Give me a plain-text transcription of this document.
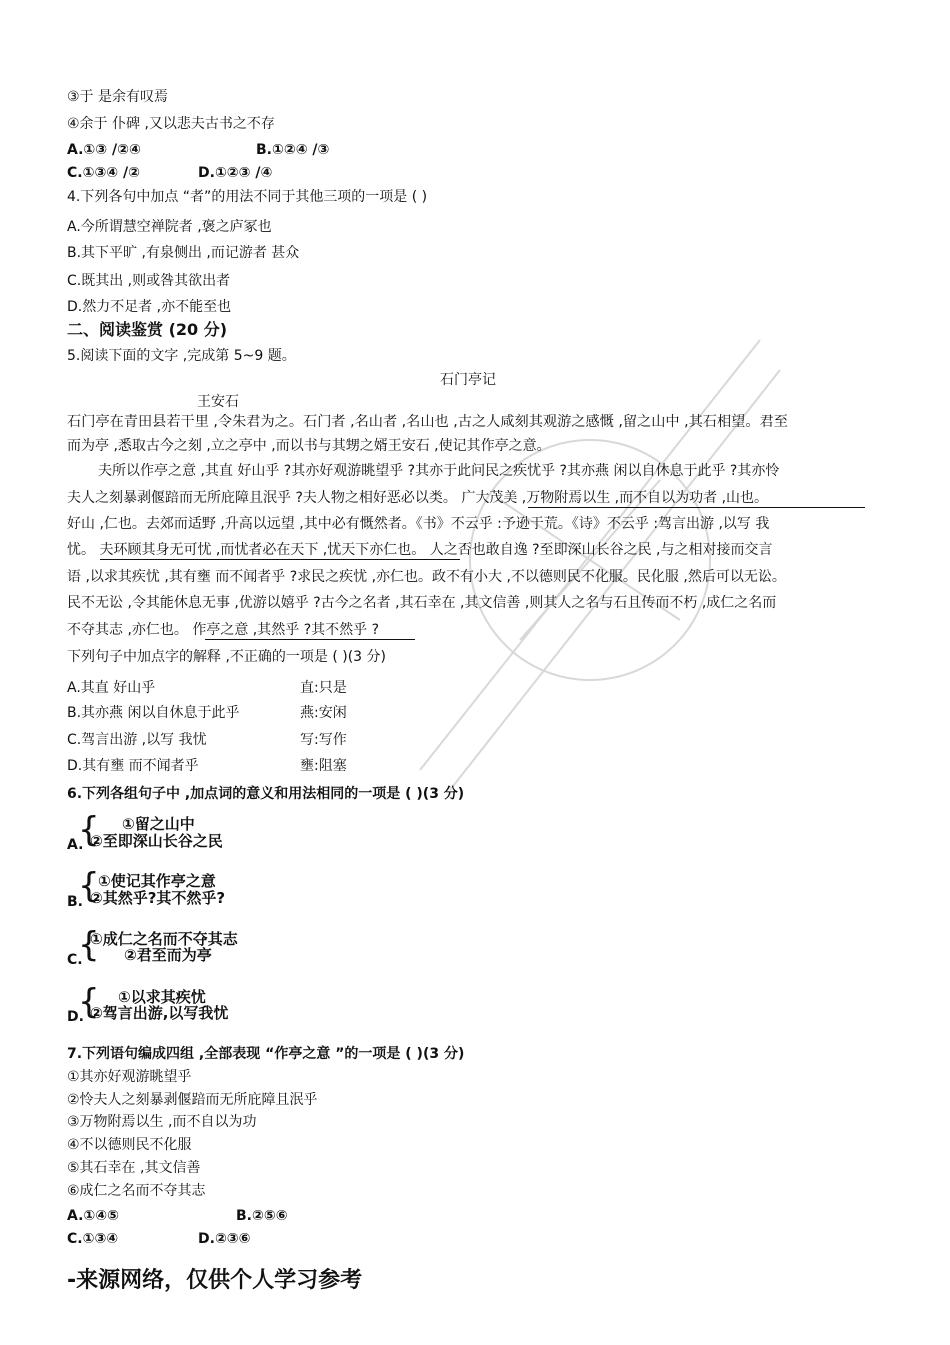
③于 是余有叹焉
④余于 仆碑 ,又以悲夫古书之不存
A.①③ /②④	B.①②④ /③
C.①③④ /②	D.①②③ /④
4.下列各句中加点 “者”的用法不同于其他三项的一项是 ( )
A.今所谓慧空禅院者 ,褒之庐冢也
B.其下平旷 ,有泉侧出 ,而记游者 甚众
C.既其出 ,则或咎其欲出者
D.然力不足者 ,亦不能至也
二、阅读鉴赏 (20 分)
5.阅读下面的文字 ,完成第 5~9 题。
石门亭记
王安石
石门亭在青田县若干里 ,令朱君为之。石门者 ,名山者 ,名山也 ,古之人咸刻其观游之感慨 ,留之山中 ,其石相望。君至
而为亭 ,悉取古今之刻 ,立之亭中 ,而以书与其甥之婿王安石 ,使记其作亭之意。
夫所以作亭之意 ,其直 好山乎 ?其亦好观游眺望乎 ?其亦于此问民之疾忧乎 ?其亦燕 闲以自休息于此乎 ?其亦怜
夫人之刻暴剥偃踣而无所庇障且泯乎 ?夫人物之相好恶必以类。 广大茂美 ,万物附焉以生 ,而不自以为功者 ,山也。
好山 ,仁也。去郊而适野 ,升高以远望 ,其中必有慨然者。《书》不云乎 :予逊于荒。《诗》不云乎 :驾言出游 ,以写 我
忧。 夫环顾其身无可忧 ,而忧者必在天下 ,忧天下亦仁也。 人之否也敢自逸 ?至即深山长谷之民 ,与之相对接而交言
语 ,以求其疾忧 ,其有壅 而不闻者乎 ?求民之疾忧 ,亦仁也。政不有小大 ,不以德则民不化服。民化服 ,然后可以无讼。
民不无讼 ,令其能休息无事 ,优游以嬉乎 ?古今之名者 ,其石幸在 ,其文信善 ,则其人之名与石且传而不朽 ,成仁之名而
不夺其志 ,亦仁也。 作亭之意 ,其然乎 ?其不然乎 ?
下列句子中加点字的解释 ,不正确的一项是 ( )(3 分)
A.其直 好山乎	直:只是
B.其亦燕 闲以自休息于此乎	燕:安闲
C.驾言出游 ,以写 我忧	写:写作
D.其有壅 而不闻者乎	壅:阻塞
6.下列各组句子中 ,加点词的意义和用法相同的一项是 ( )(3 分)
A.
{ ①留之山中
②至即深山长谷之民
B.
{
①使记其作亭之意
②其然乎?其不然乎?
C.
{
①成仁之名而不夺其志
②君至而为亭
D.
{ ①以求其疾忧
②驾言出游,以写我忧
7.下列语句编成四组 ,全部表现 “作亭之意 ”的一项是 ( )(3 分)
①其亦好观游眺望乎
②怜夫人之刻暴剥偃踣而无所庇障且泯乎
③万物附焉以生 ,而不自以为功
④不以德则民不化服
⑤其石幸在 ,其文信善
⑥成仁之名而不夺其志
A.①④⑤	B.②⑤⑥
C.①③④	D.②③⑥
-来源网络，仅供个人学习参考
